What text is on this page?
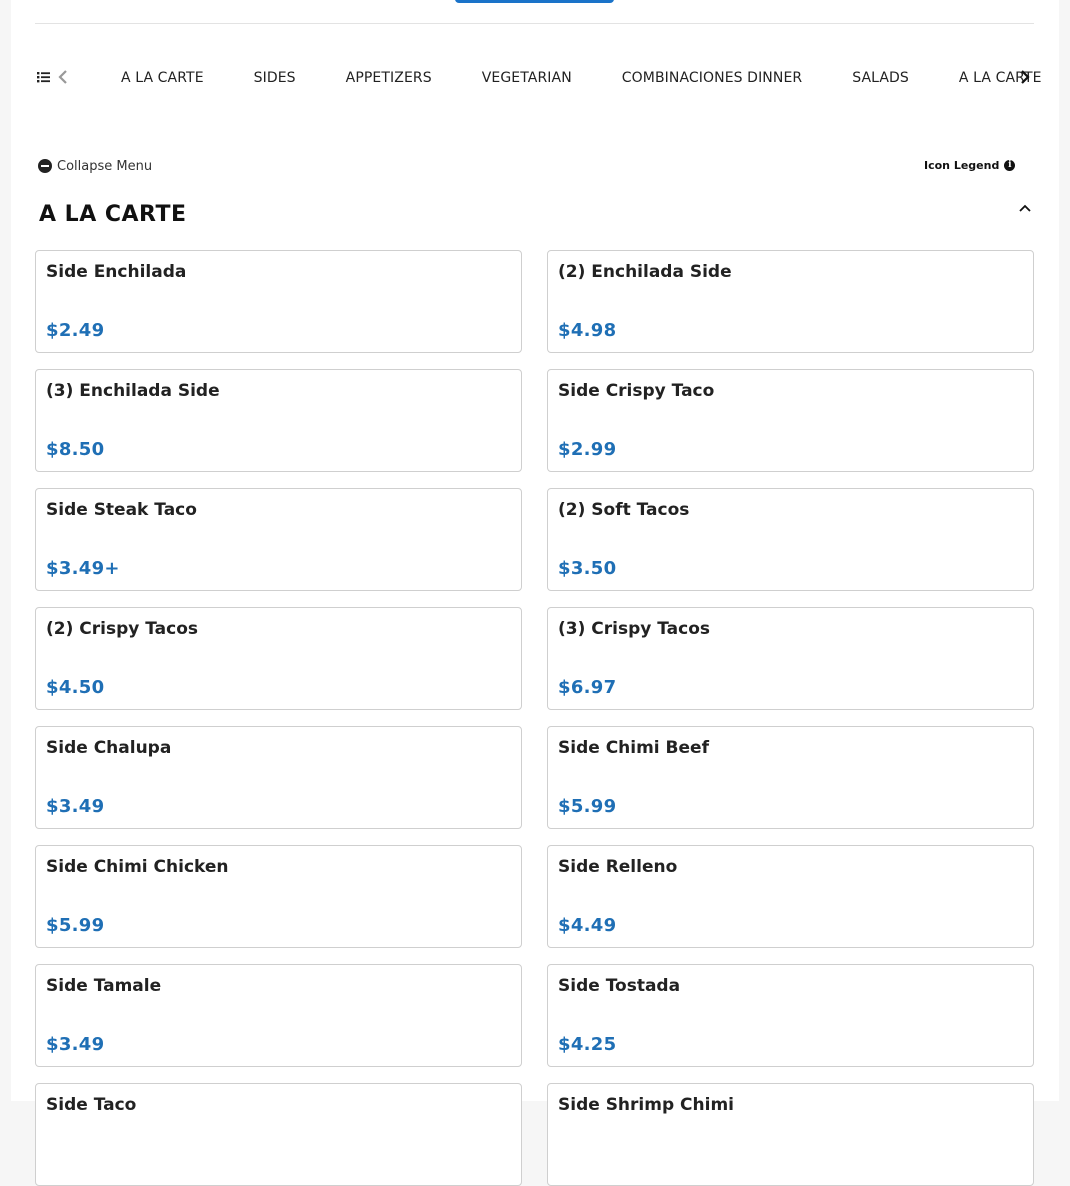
A LA CARTE	SIDES	APPETIZERS	VEGETARIAN	COMBINACIONES DINNER	SALADS	A LA CARTE
Collapse Menu	Icon Legend i
A LA CARTE
Side Enchilada
$2.49
(2) Enchilada Side
$4.98
(3) Enchilada Side
$8.50
Side Crispy Taco
$2.99
Side Steak Taco
$3.49+
(2) Soft Tacos
$3.50
(2) Crispy Tacos
$4.50
(3) Crispy Tacos
$6.97
Side Chalupa
$3.49
Side Chimi Beef
$5.99
Side Chimi Chicken
$5.99
Side Relleno
$4.49
Side Tamale
$3.49
Side Tostada
$4.25
Side Taco	Side Shrimp Chimi
